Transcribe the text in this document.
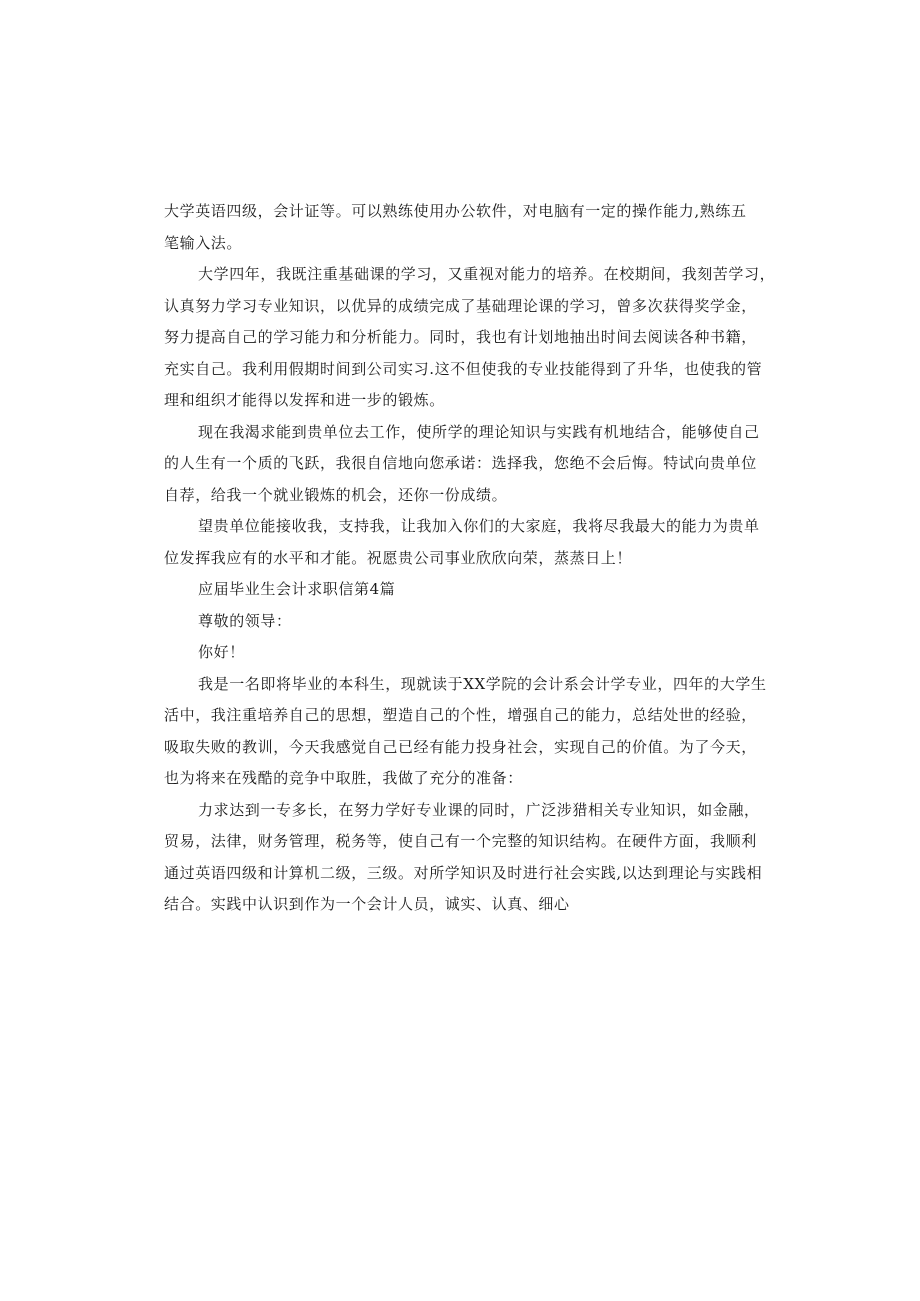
大学英语四级，会计证等。可以熟练使用办公软件，对电脑有一定的操作能力,熟练五
笔输入法。
大学四年，我既注重基础课的学习，又重视对能力的培养。在校期间，我刻苦学习，
认真努力学习专业知识，以优异的成绩完成了基础理论课的学习，曾多次获得奖学金，
努力提高自己的学习能力和分析能力。同时，我也有计划地抽出时间去阅读各种书籍，
充实自己。我利用假期时间到公司实习.这不但使我的专业技能得到了升华，也使我的管
理和组织才能得以发挥和进一步的锻炼。
现在我渴求能到贵单位去工作，使所学的理论知识与实践有机地结合，能够使自己
的人生有一个质的飞跃，我很自信地向您承诺：选择我，您绝不会后悔。特试向贵单位
自荐，给我一个就业锻炼的机会，还你一份成绩。
望贵单位能接收我，支持我，让我加入你们的大家庭，我将尽我最大的能力为贵单
位发挥我应有的水平和才能。祝愿贵公司事业欣欣向荣，蒸蒸日上！
应届毕业生会计求职信第4篇
尊敬的领导：
你好！
我是一名即将毕业的本科生，现就读于XX学院的会计系会计学专业，四年的大学生
活中，我注重培养自己的思想，塑造自己的个性，增强自己的能力，总结处世的经验，
吸取失败的教训，今天我感觉自己已经有能力投身社会，实现自己的价值。为了今天，
也为将来在残酷的竞争中取胜，我做了充分的准备：
力求达到一专多长，在努力学好专业课的同时，广泛涉猎相关专业知识，如金融，
贸易，法律，财务管理，税务等，使自己有一个完整的知识结构。在硬件方面，我顺利
通过英语四级和计算机二级，三级。对所学知识及时进行社会实践,以达到理论与实践相
结合。实践中认识到作为一个会计人员，诚实、认真、细心
